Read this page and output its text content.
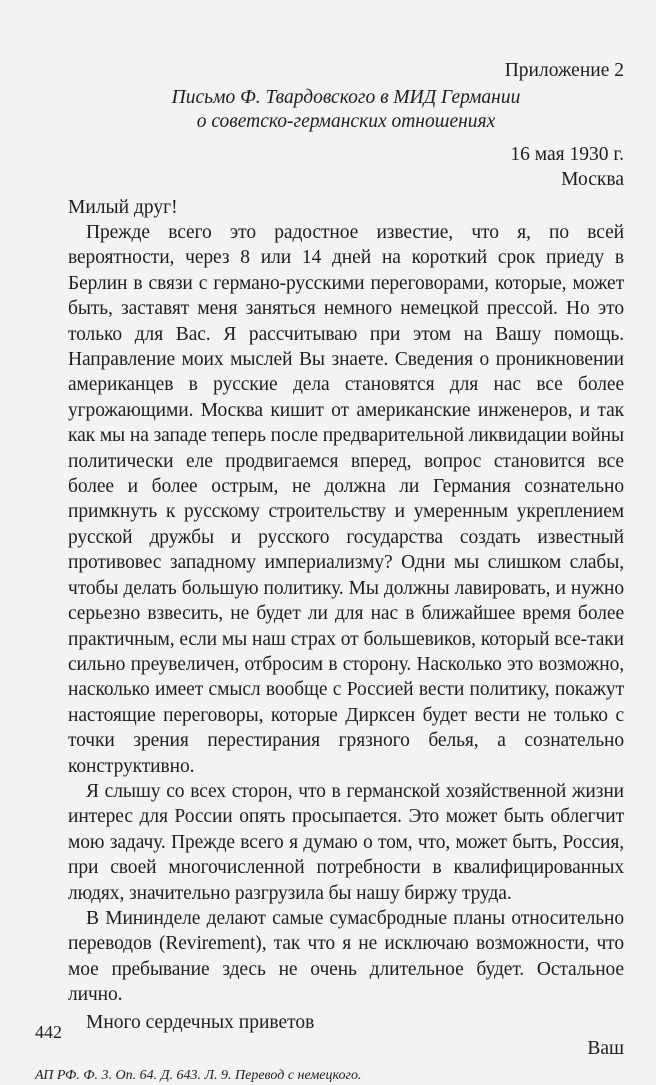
Приложение 2
Письмо Ф. Твардовского в МИД Германии
о советско-германских отношениях
16 мая 1930 г.
Москва
Милый друг!

Прежде всего это радостное известие, что я, по всей вероятности, через 8 или 14 дней на короткий срок приеду в Берлин в связи с германо-русскими переговорами, которые, может быть, заставят меня заняться немного немецкой прессой. Но это только для Вас. Я рассчитываю при этом на Вашу помощь. Направление моих мыслей Вы знаете. Сведения о проникновении американцев в русские дела становятся для нас все более угрожающими. Москва кишит от американские инженеров, и так как мы на западе теперь после предварительной ликвидации войны политически еле продвигаемся вперед, вопрос становится все более и более острым, не должна ли Германия сознательно примкнуть к русскому строительству и умеренным укреплением русской дружбы и русского государства создать известный противовес западному империализму? Одни мы слишком слабы, чтобы делать большую политику. Мы должны лавировать, и нужно серьезно взвесить, не будет ли для нас в ближайшее время более практичным, если мы наш страх от большевиков, который все-таки сильно преувеличен, отбросим в сторону. Насколько это возможно, насколько имеет смысл вообще с Россией вести политику, покажут настоящие переговоры, которые Дирксен будет вести не только с точки зрения перестирания грязного белья, а сознательно конструктивно.

Я слышу со всех сторон, что в германской хозяйственной жизни интерес для России опять просыпается. Это может быть облегчит мою задачу. Прежде всего я думаю о том, что, может быть, Россия, при своей многочисленной потребности в квалифицированных людях, значительно разгрузила бы нашу биржу труда.

В Мининделе делают самые сумасбродные планы относительно переводов (Revirement), так что я не исключаю возможности, что мое пребывание здесь не очень длительное будет. Остальное лично.

Много сердечных приветов
Ваш
АП РФ. Ф. 3. Оп. 64. Д. 643. Л. 9. Перевод с немецкого.
442
